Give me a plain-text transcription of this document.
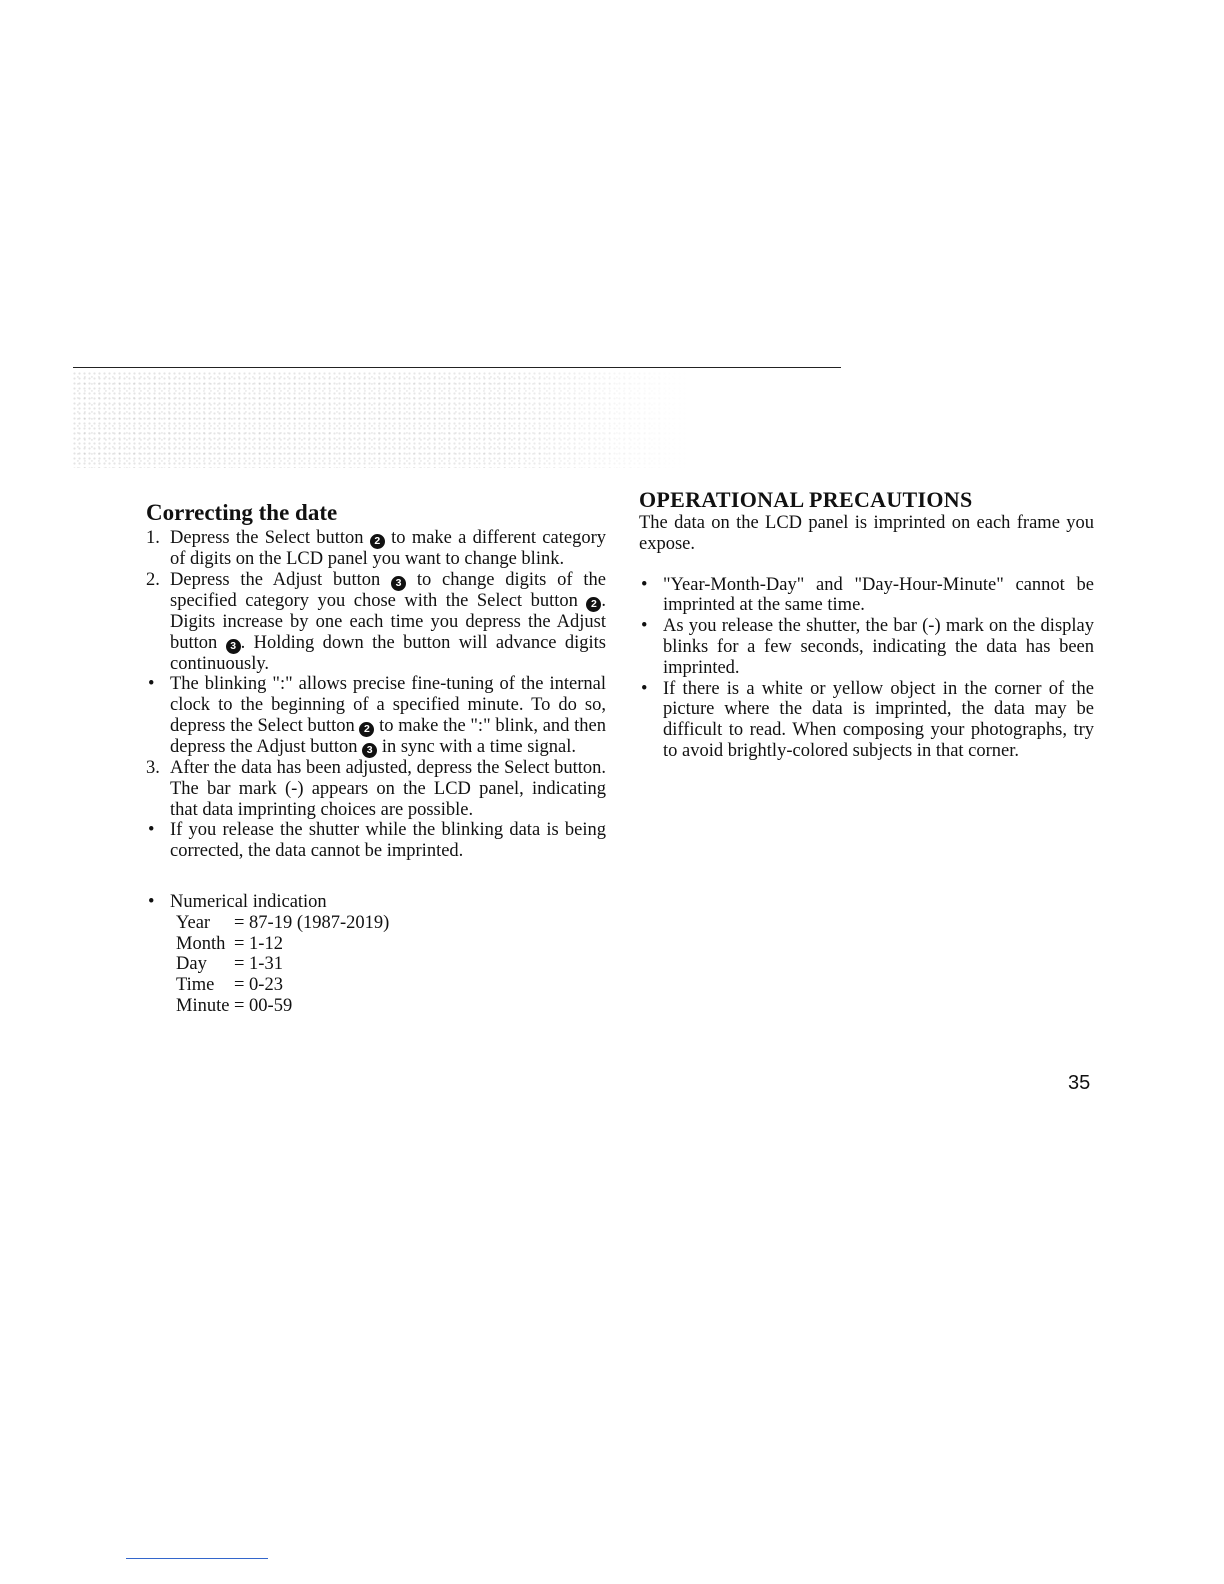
Correcting the date
1. Depress the Select button 2 to make a different category of digits on the LCD panel you want to change blink.
2. Depress the Adjust button 3 to change digits of the specified category you chose with the Select button 2 . Digits increase by one each time you depress the Adjust button 3 . Holding down the button will advance digits continuously.
• The blinking ":" allows precise fine-tuning of the internal clock to the beginning of a specified minute. To do so, depress the Select button 2 to make the ":" blink, and then depress the Adjust button 3 in sync with a time signal.
3. After the data has been adjusted, depress the Select button. The bar mark (-) appears on the LCD panel, indicating that data imprinting choices are possible.
• If you release the shutter while the blinking data is being corrected, the data cannot be imprinted.
• Numerical indication
Year	= 87-19 (1987-2019)
Month	= 1-12
Day	= 1-31
Time	= 0-23
Minute	= 00-59
OPERATIONAL PRECAUTIONS

The data on the LCD panel is imprinted on each frame you expose.

• "Year-Month-Day" and "Day-Hour-Minute" cannot be imprinted at the same time.
• As you release the shutter, the bar (-) mark on the display blinks for a few seconds, indicating the data has been imprinted.
• If there is a white or yellow object in the corner of the picture where the data is imprinted, the data may be difficult to read. When composing your photographs, try to avoid brightly-colored subjects in that corner.
35
